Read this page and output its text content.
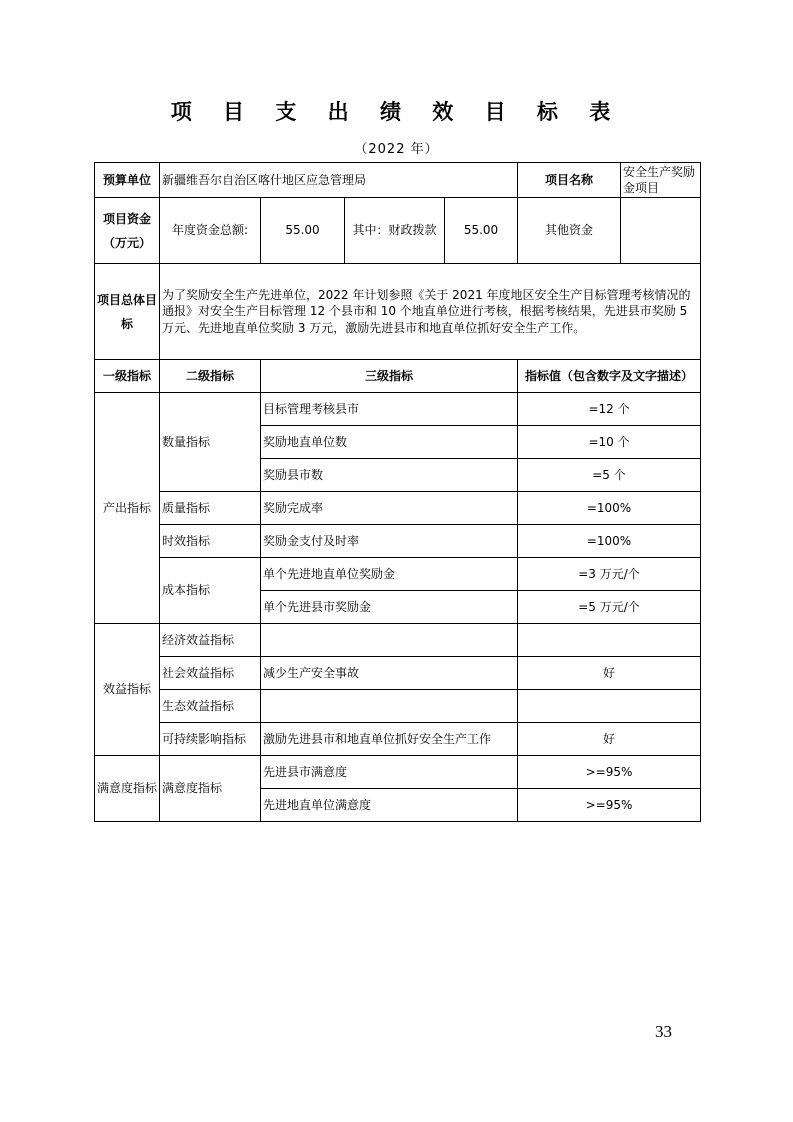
项 目 支 出 绩 效 目 标 表
（2022 年）
预算单位	新疆维吾尔自治区喀什地区应急管理局				项目名称	安全生产奖励金项目
项目资金
（万元）	年度资金总额:	55.00	其中：财政拨款	55.00	其他资金	
项目总体目标	为了奖励安全生产先进单位，2022 年计划参照《关于 2021 年度地区安全生产目标管理考核情况的通报》对安全生产目标管理 12 个县市和 10 个地直单位进行考核，根据考核结果，先进县市奖励 5 万元、先进地直单位奖励 3 万元，激励先进县市和地直单位抓好安全生产工作。					
一级指标	二级指标	三级指标			指标值（包含数字及文字描述）	
产出指标	数量指标	目标管理考核县市			=12 个	
		奖励地直单位数			=10 个	
		奖励县市数			=5 个	
	质量指标	奖励完成率			=100%	
	时效指标	奖励金支付及时率			=100%	
	成本指标	单个先进地直单位奖励金			=3 万元/个	
		单个先进县市奖励金			=5 万元/个	
效益指标	经济效益指标					
	社会效益指标	减少生产安全事故			好	
	生态效益指标					
	可持续影响指标	激励先进县市和地直单位抓好安全生产工作			好	
满意度指标	满意度指标	先进县市满意度			>=95%	
		先进地直单位满意度			>=95%	
33
